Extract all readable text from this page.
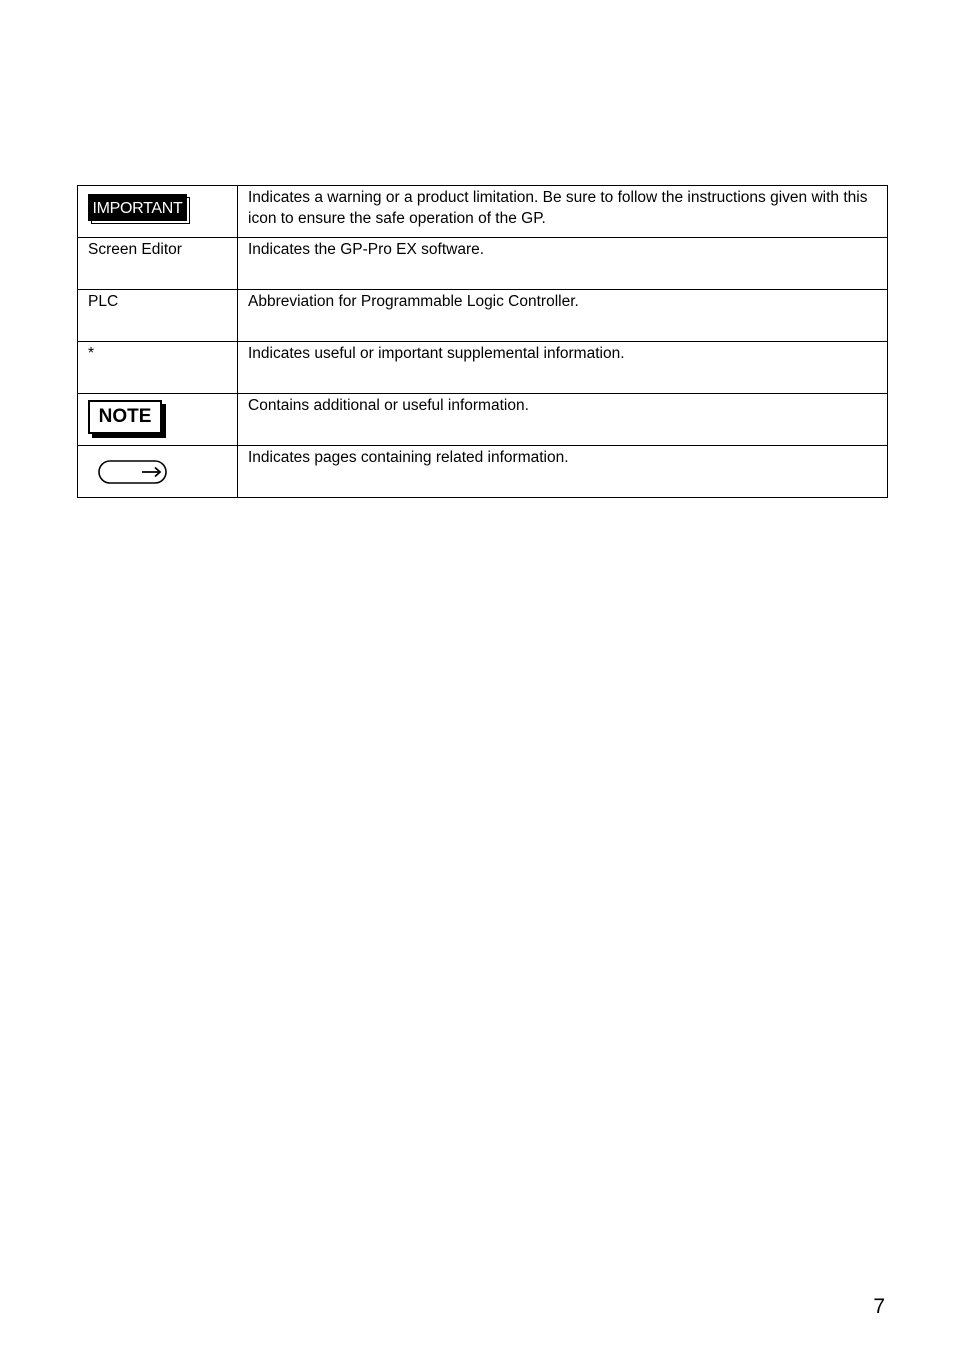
IMPORTANT	Indicates a warning or a product limitation. Be sure to follow the instructions given with this icon to ensure the safe operation of the GP.
Screen Editor	Indicates the GP-Pro EX software.
PLC	Abbreviation for Programmable Logic Controller.
*	Indicates useful or important supplemental information.

NOTE	Contains additional or useful information.
	Indicates pages containing related information.
7
